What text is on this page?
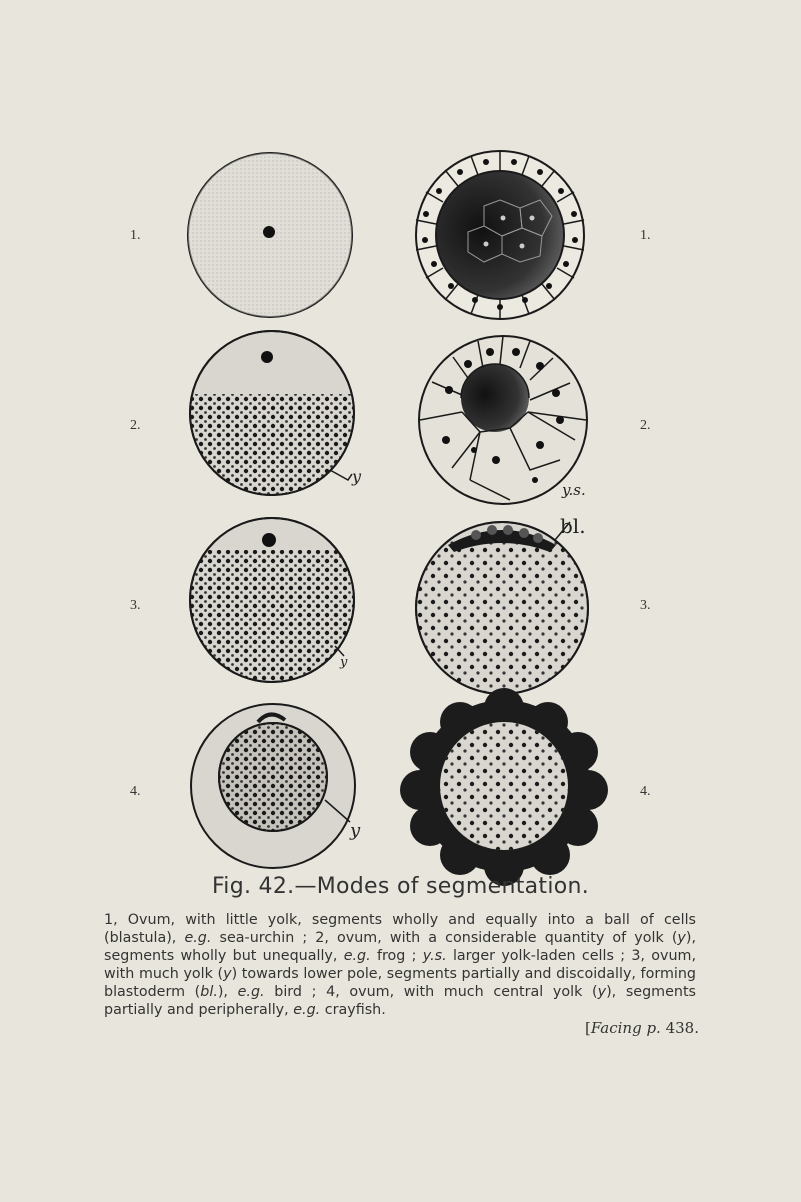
1.	1.
2.	2.
3.	3.
4.	4.
y
y.s.
y
bl.
y
Fig. 42.—Modes of segmentation.
1, Ovum, with little yolk, segments wholly and equally into a ball of cells (blastula), e.g. sea-urchin ; 2, ovum, with a considerable quantity of yolk (y), segments wholly but unequally, e.g. frog ; y.s. larger yolk-laden cells ; 3, ovum, with much yolk (y) towards lower pole, segments partially and discoidally, forming blastoderm (bl.), e.g. bird ; 4, ovum, with much central yolk (y), segments partially and peripherally, e.g. crayfish.
[Facing p. 438.
